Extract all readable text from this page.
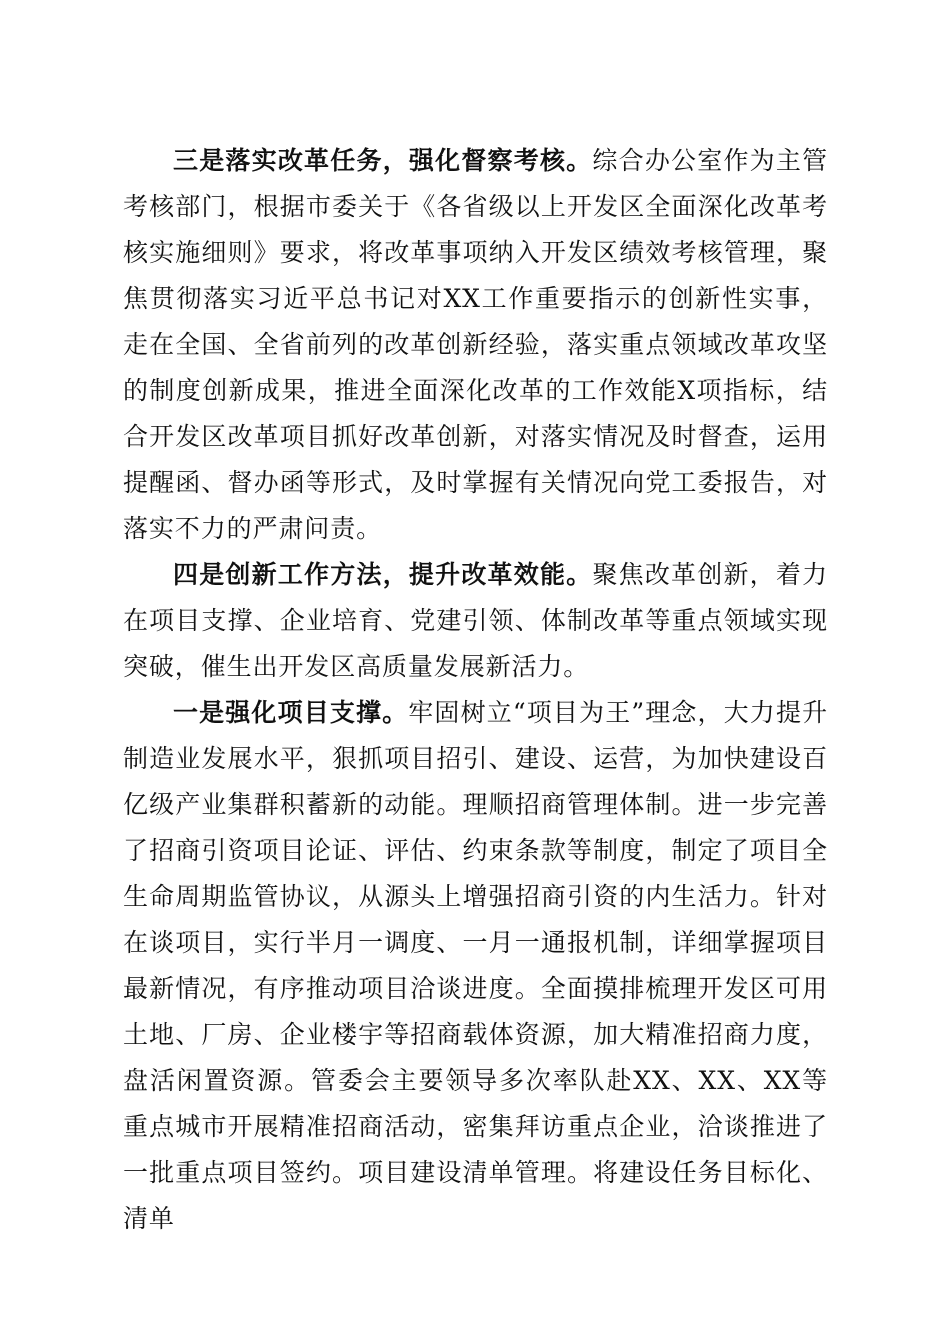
三是落实改革任务，强化督察考核。综合办公室作为主管考核部门，根据市委关于《各省级以上开发区全面深化改革考核实施细则》要求，将改革事项纳入开发区绩效考核管理，聚焦贯彻落实习近平总书记对XX工作重要指示的创新性实事，走在全国、全省前列的改革创新经验，落实重点领域改革攻坚的制度创新成果，推进全面深化改革的工作效能X项指标，结合开发区改革项目抓好改革创新，对落实情况及时督查，运用提醒函、督办函等形式，及时掌握有关情况向党工委报告，对落实不力的严肃问责。

四是创新工作方法，提升改革效能。聚焦改革创新，着力在项目支撑、企业培育、党建引领、体制改革等重点领域实现突破，催生出开发区高质量发展新活力。

一是强化项目支撑。牢固树立“项目为王”理念，大力提升制造业发展水平，狠抓项目招引、建设、运营，为加快建设百亿级产业集群积蓄新的动能。理顺招商管理体制。进一步完善了招商引资项目论证、评估、约束条款等制度，制定了项目全生命周期监管协议，从源头上增强招商引资的内生活力。针对在谈项目，实行半月一调度、一月一通报机制，详细掌握项目最新情况，有序推动项目洽谈进度。全面摸排梳理开发区可用土地、厂房、企业楼宇等招商载体资源，加大精准招商力度，盘活闲置资源。管委会主要领导多次率队赴XX、XX、XX等重点城市开展精准招商活动，密集拜访重点企业，洽谈推进了一批重点项目签约。项目建设清单管理。将建设任务目标化、清单
